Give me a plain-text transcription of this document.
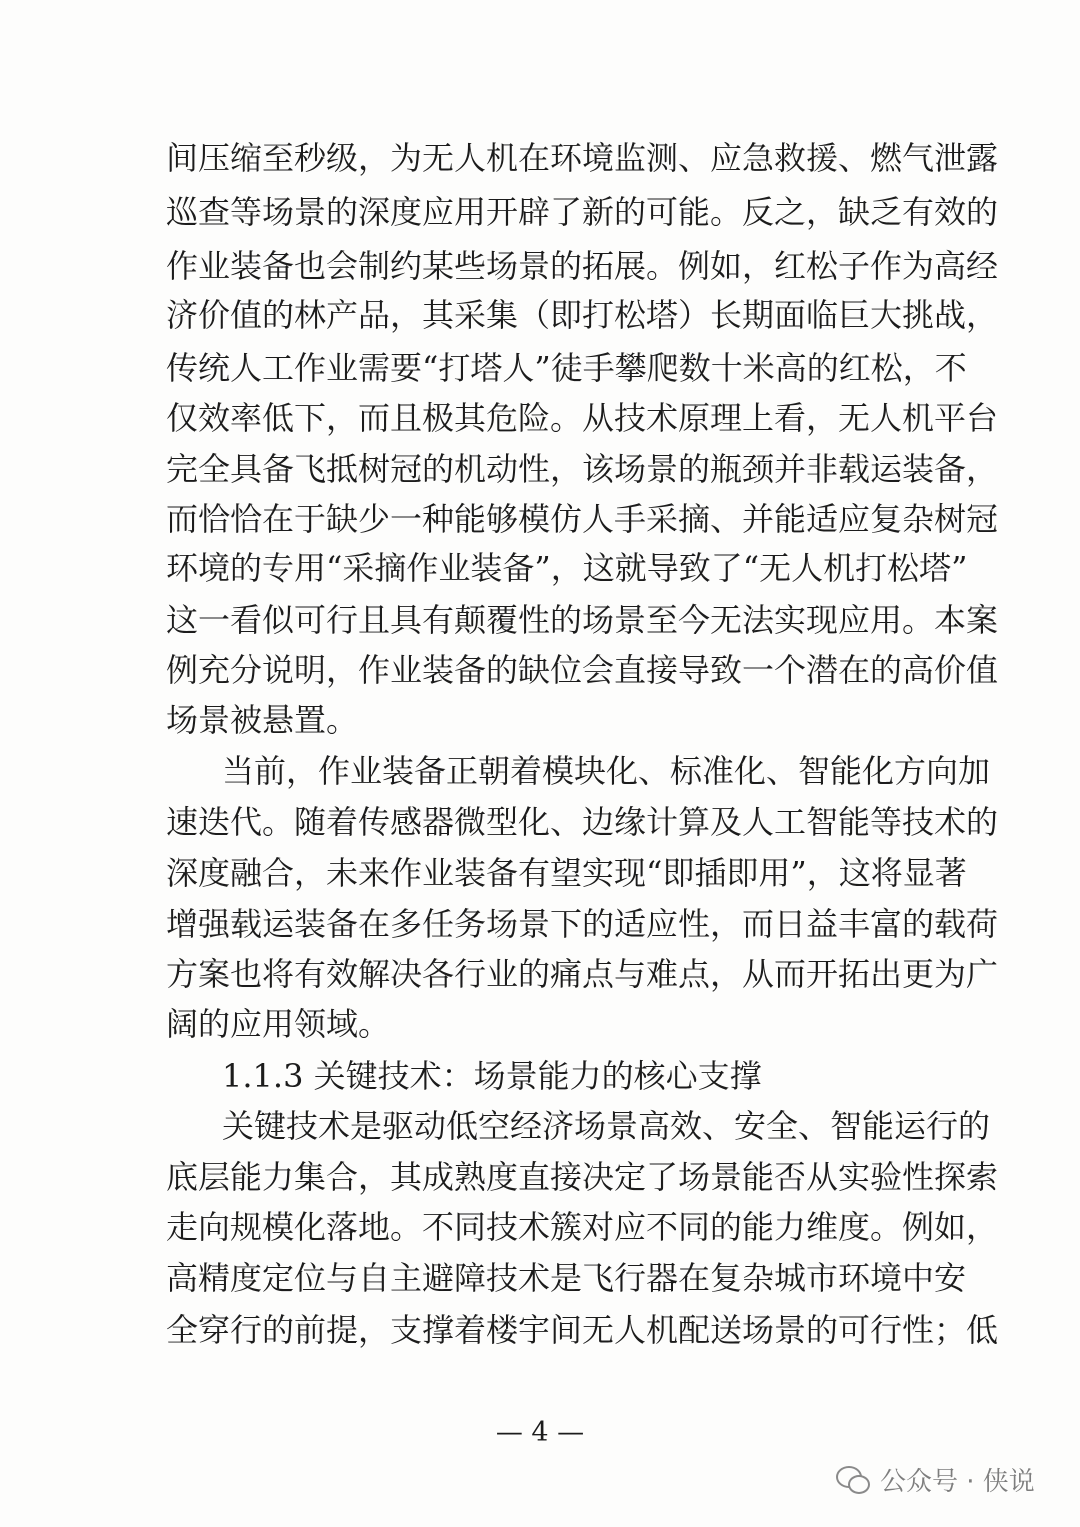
间压缩至秒级，为无人机在环境监测、应急救援、燃气泄露
巡查等场景的深度应用开辟了新的可能。反之，缺乏有效的
作业装备也会制约某些场景的拓展。例如，红松子作为高经
济价值的林产品，其采集（即打松塔）长期面临巨大挑战，
传统人工作业需要“打塔人”徒手攀爬数十米高的红松，不
仅效率低下，而且极其危险。从技术原理上看，无人机平台
完全具备飞抵树冠的机动性，该场景的瓶颈并非载运装备，
而恰恰在于缺少一种能够模仿人手采摘、并能适应复杂树冠
环境的专用“采摘作业装备”，这就导致了“无人机打松塔”
这一看似可行且具有颠覆性的场景至今无法实现应用。本案
例充分说明，作业装备的缺位会直接导致一个潜在的高价值
场景被悬置。
当前，作业装备正朝着模块化、标准化、智能化方向加
速迭代。随着传感器微型化、边缘计算及人工智能等技术的
深度融合，未来作业装备有望实现“即插即用”，这将显著
增强载运装备在多任务场景下的适应性，而日益丰富的载荷
方案也将有效解决各行业的痛点与难点，从而开拓出更为广
阔的应用领域。
1.1.3 关键技术：场景能力的核心支撑
关键技术是驱动低空经济场景高效、安全、智能运行的
底层能力集合，其成熟度直接决定了场景能否从实验性探索
走向规模化落地。不同技术簇对应不同的能力维度。例如，
高精度定位与自主避障技术是飞行器在复杂城市环境中安
全穿行的前提，支撑着楼宇间无人机配送场景的可行性；低
— 4 —
公众号 · 侠说
